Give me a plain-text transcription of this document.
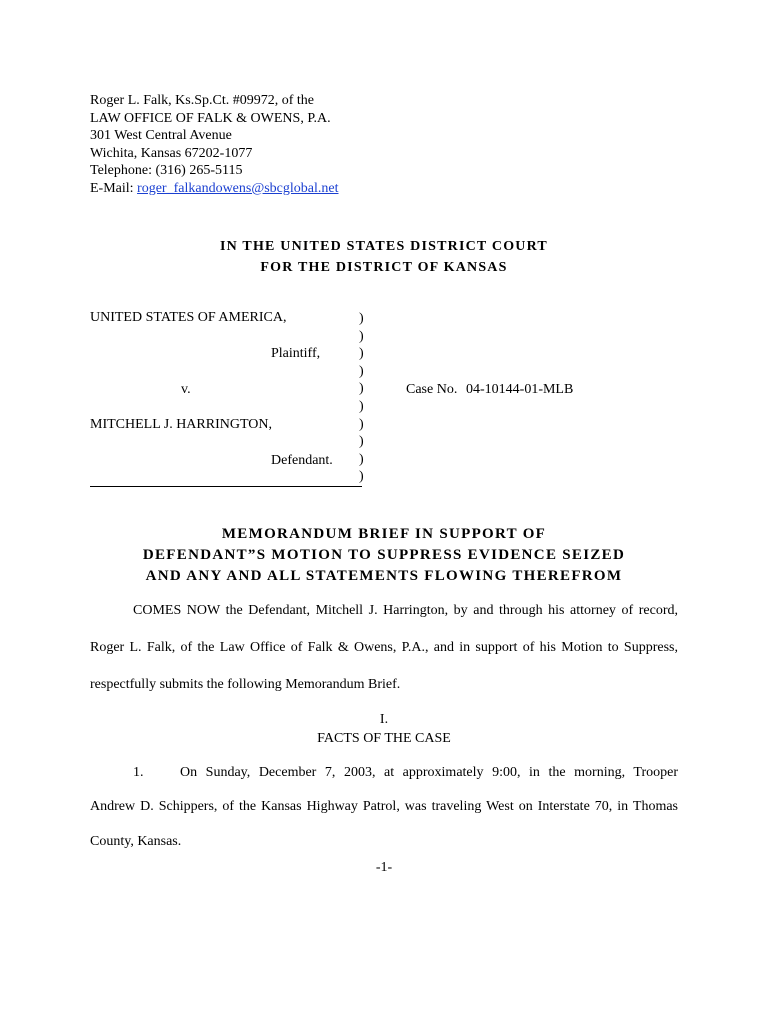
Roger L. Falk, Ks.Sp.Ct. #09972, of the
LAW OFFICE OF FALK & OWENS, P.A.
301 West Central Avenue
Wichita, Kansas 67202-1077
Telephone: (316) 265-5115
E-Mail: roger_falkandowens@sbcglobal.net
IN THE UNITED STATES DISTRICT COURT
FOR THE DISTRICT OF KANSAS
UNITED STATES OF AMERICA,
Plaintiff,
v.	Case No. 04-10144-01-MLB
MITCHELL J. HARRINGTON,
Defendant.
)
)
)
)
)
)
)
)
)
)
MEMORANDUM BRIEF IN SUPPORT OF
DEFENDANT”S MOTION TO SUPPRESS EVIDENCE SEIZED
AND ANY AND ALL STATEMENTS FLOWING THEREFROM
COMES NOW the Defendant, Mitchell J. Harrington, by and through his attorney of record,
Roger L. Falk, of the Law Office of Falk & Owens, P.A., and in support of his Motion to Suppress,
respectfully submits the following Memorandum Brief.
I.
FACTS OF THE CASE
1.	On Sunday, December 7, 2003, at approximately 9:00, in the morning, Trooper
Andrew D. Schippers, of the Kansas Highway Patrol, was traveling West on Interstate 70, in Thomas
County, Kansas.
-1-
